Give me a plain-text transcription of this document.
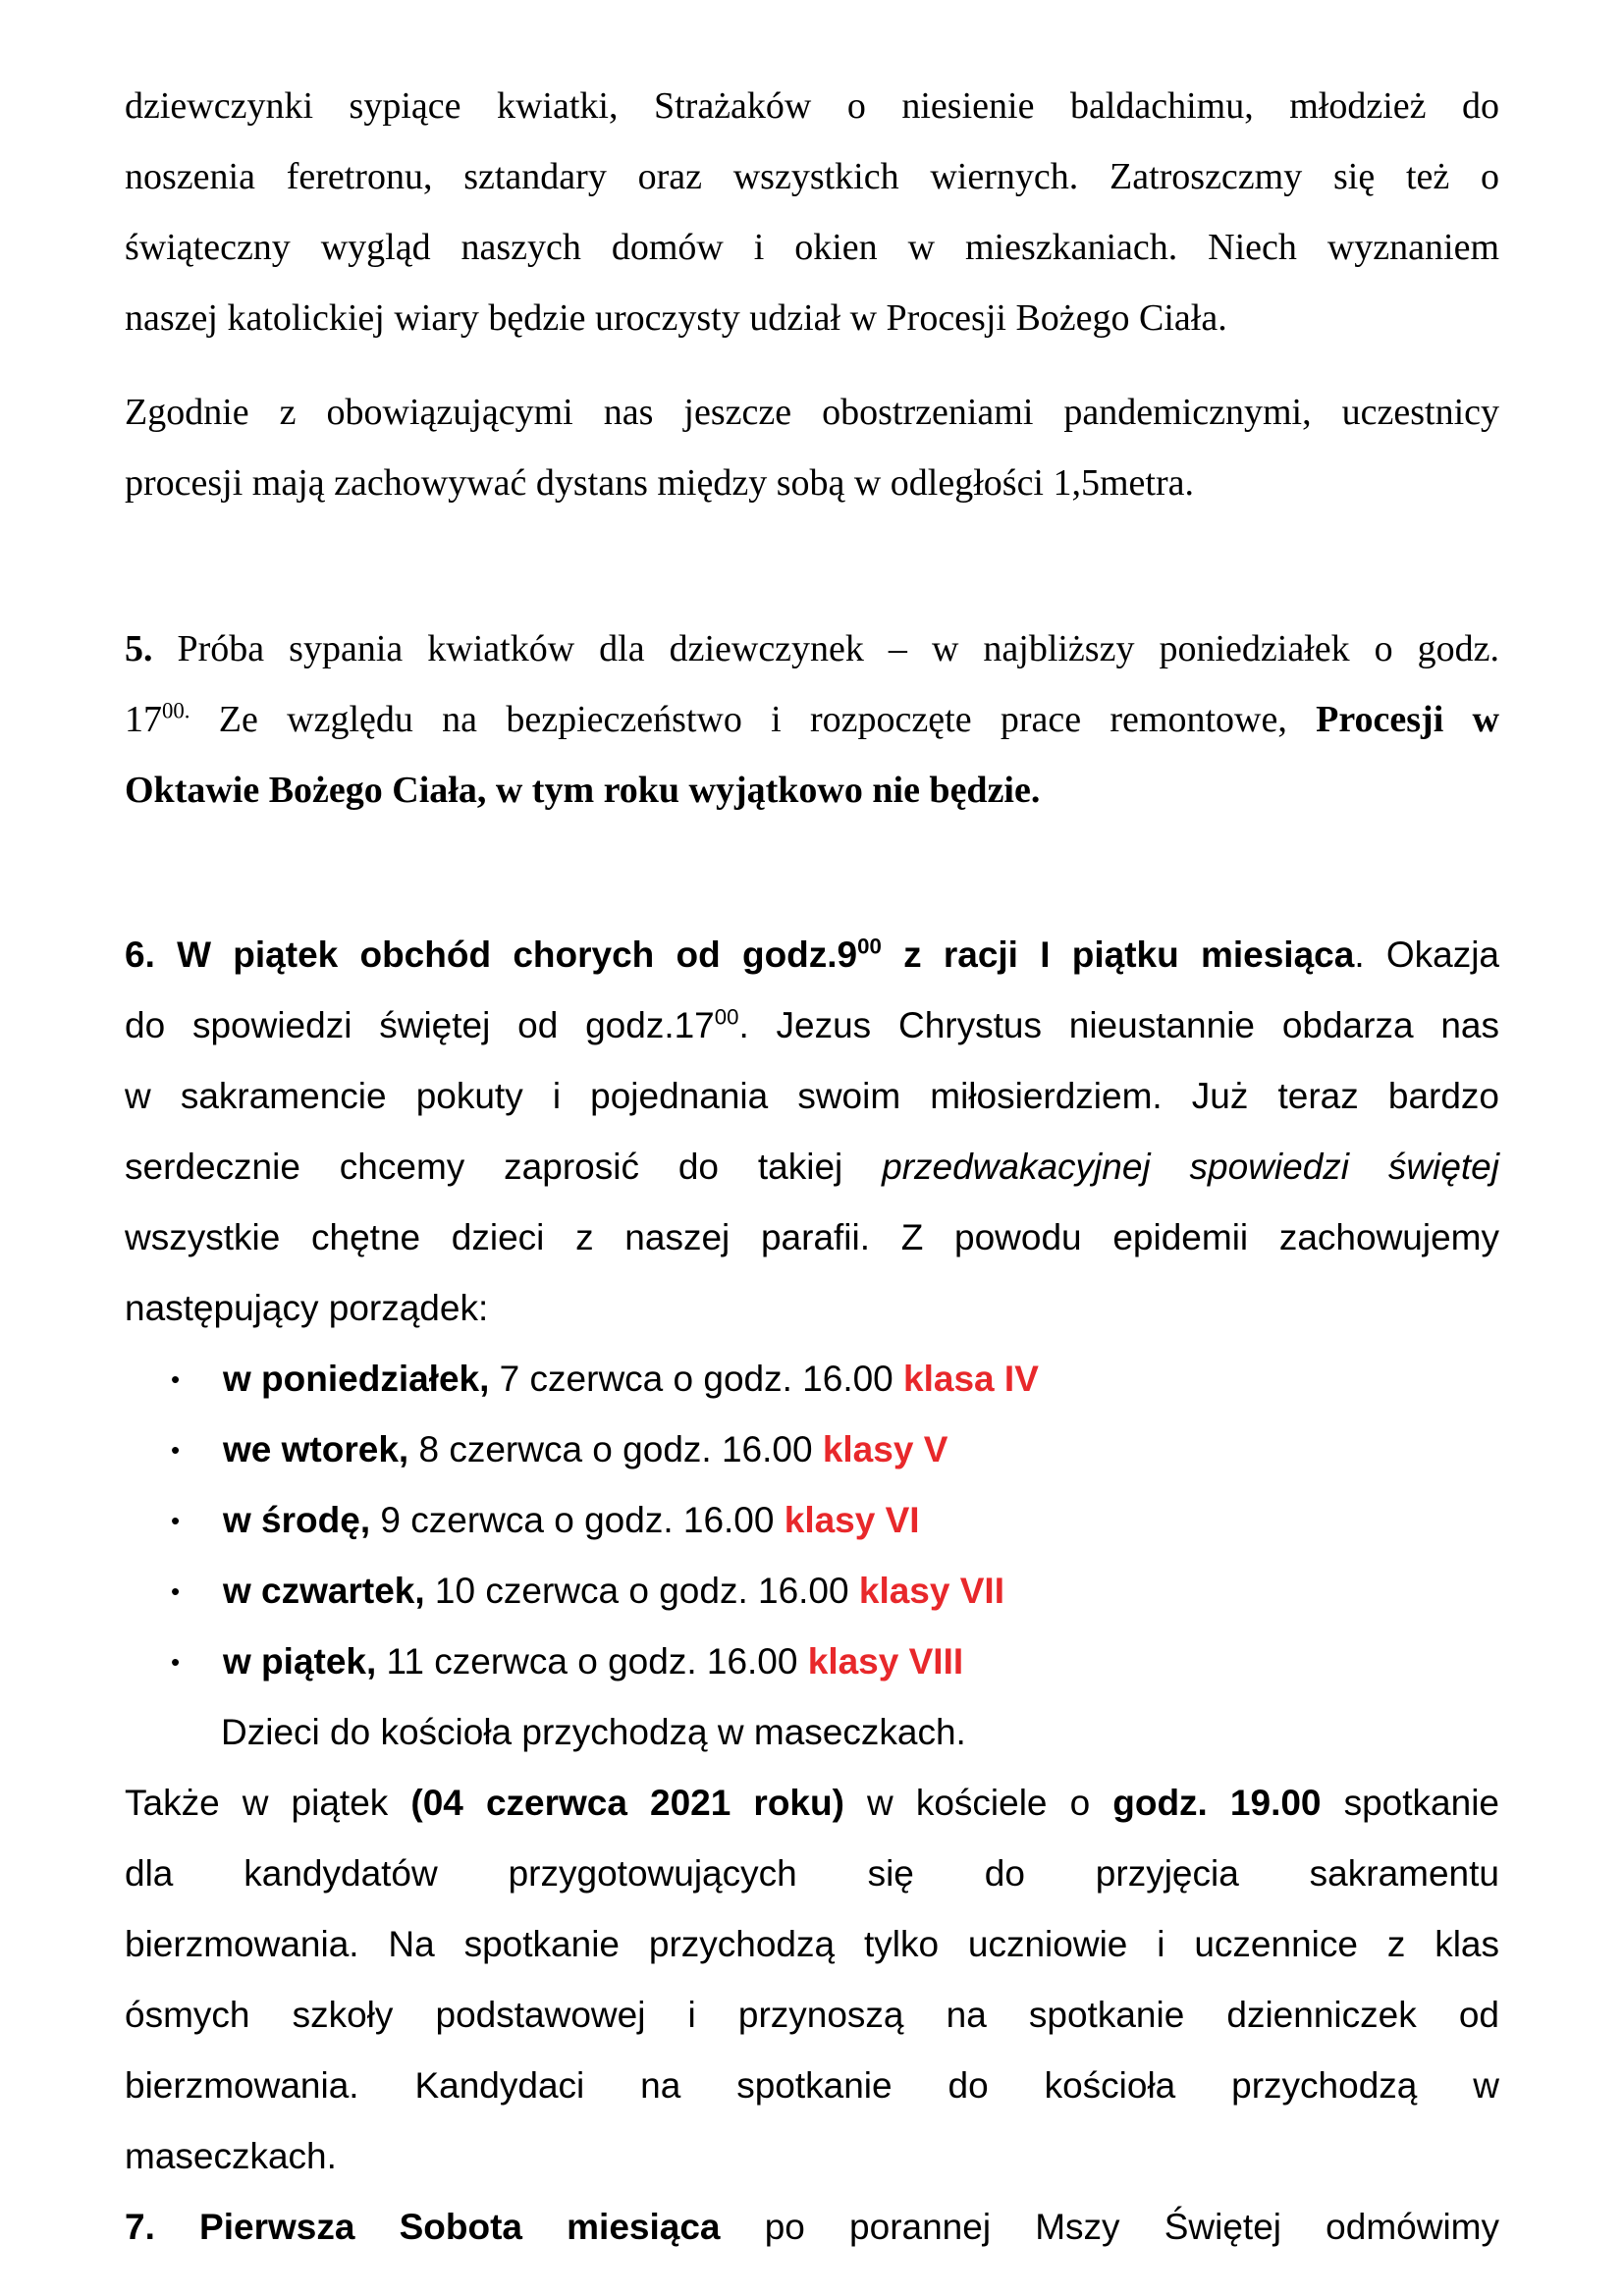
dziewczynki sypiące kwiatki, Strażaków o niesienie baldachimu, młodzież do
noszenia feretronu, sztandary oraz wszystkich wiernych. Zatroszczmy się też o
świąteczny wygląd naszych domów i okien w mieszkaniach. Niech wyznaniem
naszej katolickiej wiary będzie uroczysty udział w Procesji Bożego Ciała.
Zgodnie z obowiązującymi nas jeszcze obostrzeniami pandemicznymi, uczestnicy
procesji mają zachowywać dystans między sobą w odległości 1,5metra.
5. Próba sypania kwiatków dla dziewczynek – w najbliższy poniedziałek o godz.
$17^{00.}$ Ze względu na bezpieczeństwo i rozpoczęte prace remontowe, Procesji w
Oktawie Bożego Ciała, w tym roku wyjątkowo nie będzie.
6. W piątek obchód chorych od $godz.9^{00}$ z racji I piątku miesiąca. Okazja
do spowiedzi świętej od $godz.17^{00}$. Jezus Chrystus nieustannie obdarza nas
w sakramencie pokuty i pojednania swoim miłosierdziem. Już teraz bardzo
serdecznie chcemy zaprosić do takiej przedwakacyjnej spowiedzi świętej
wszystkie chętne dzieci z naszej parafii. Z powodu epidemii zachowujemy
następujący porządek:
• w poniedziałek, 7 czerwca o godz. 16.00 klasa IV
• we wtorek, 8 czerwca o godz. 16.00 klasy V
• w środę, 9 czerwca o godz. 16.00 klasy VI
• w czwartek, 10 czerwca o godz. 16.00 klasy VII
• w piątek, 11 czerwca o godz. 16.00 klasy VIII
Dzieci do kościoła przychodzą w maseczkach.
Także w piątek (04 czerwca 2021 roku) w kościele o godz. 19.00 spotkanie
dla kandydatów przygotowujących się do przyjęcia sakramentu
bierzmowania. Na spotkanie przychodzą tylko uczniowie i uczennice z klas
ósmych szkoły podstawowej i przynoszą na spotkanie dzienniczek od
bierzmowania. Kandydaci na spotkanie do kościoła przychodzą w
maseczkach.
7. Pierwsza Sobota miesiąca po porannej Mszy Świętej odmówimy
